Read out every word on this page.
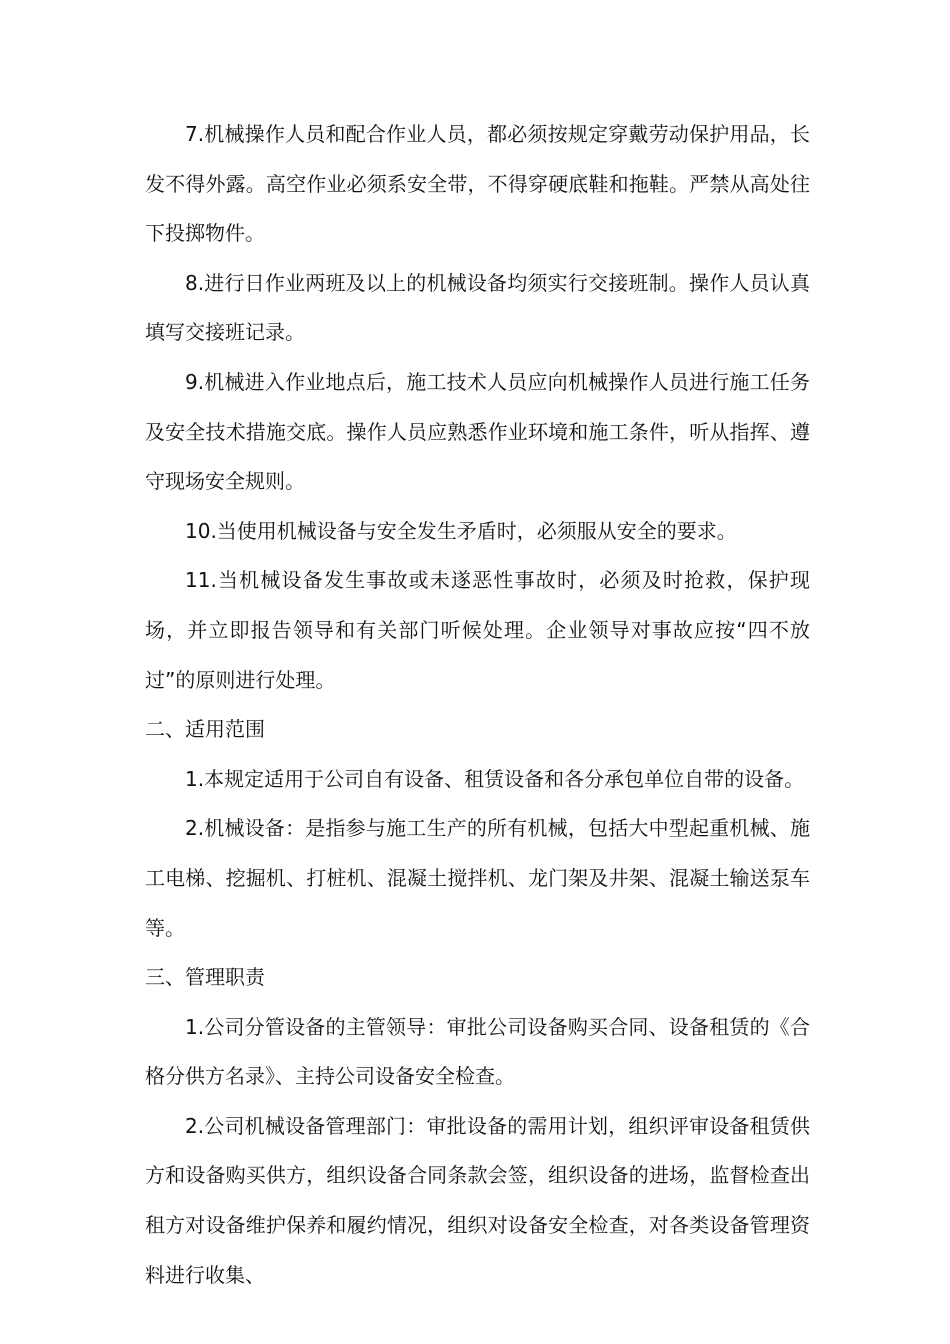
7.机械操作人员和配合作业人员，都必须按规定穿戴劳动保护用品，长发不得外露。高空作业必须系安全带，不得穿硬底鞋和拖鞋。严禁从高处往下投掷物件。

8.进行日作业两班及以上的机械设备均须实行交接班制。操作人员认真填写交接班记录。

9.机械进入作业地点后，施工技术人员应向机械操作人员进行施工任务及安全技术措施交底。操作人员应熟悉作业环境和施工条件，听从指挥、遵守现场安全规则。

10.当使用机械设备与安全发生矛盾时，必须服从安全的要求。

11.当机械设备发生事故或未遂恶性事故时，必须及时抢救，保护现场，并立即报告领导和有关部门听候处理。企业领导对事故应按“四不放过”的原则进行处理。

二、适用范围

1.本规定适用于公司自有设备、租赁设备和各分承包单位自带的设备。

2.机械设备：是指参与施工生产的所有机械，包括大中型起重机械、施工电梯、挖掘机、打桩机、混凝土搅拌机、龙门架及井架、混凝土输送泵车等。

三、管理职责

1.公司分管设备的主管领导：审批公司设备购买合同、设备租赁的《合格分供方名录》、主持公司设备安全检查。

2.公司机械设备管理部门：审批设备的需用计划，组织评审设备租赁供方和设备购买供方，组织设备合同条款会签，组织设备的进场，监督检查出租方对设备维护保养和履约情况，组织对设备安全检查，对各类设备管理资料进行收集、
